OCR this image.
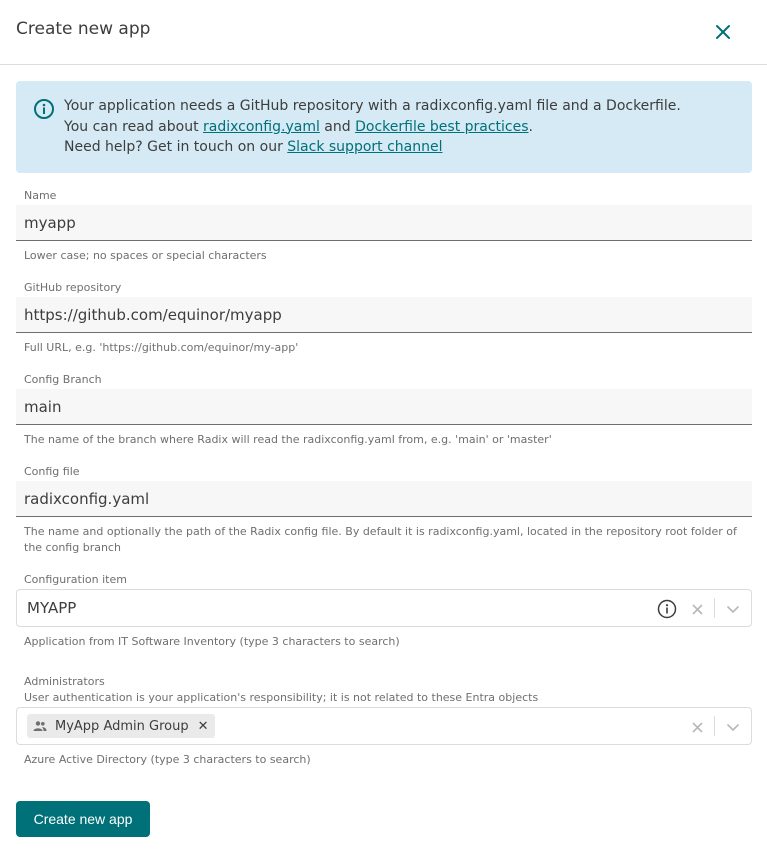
Create new app
Your application needs a GitHub repository with a radixconfig.yaml file and a Dockerfile.
You can read about radixconfig.yaml and Dockerfile best practices.
Need help? Get in touch on our Slack support channel
Name
myapp
Lower case; no spaces or special characters
GitHub repository
https://github.com/equinor/myapp
Full URL, e.g. 'https://github.com/equinor/my-app'
Config Branch
main
The name of the branch where Radix will read the radixconfig.yaml from, e.g. 'main' or 'master'
Config file
radixconfig.yaml
The name and optionally the path of the Radix config file. By default it is radixconfig.yaml, located in the repository root folder of the config branch
Configuration item
MYAPP
Application from IT Software Inventory (type 3 characters to search)
Administrators
User authentication is your application's responsibility; it is not related to these Entra objects
MyApp Admin Group ✕
Azure Active Directory (type 3 characters to search)
Create new app
